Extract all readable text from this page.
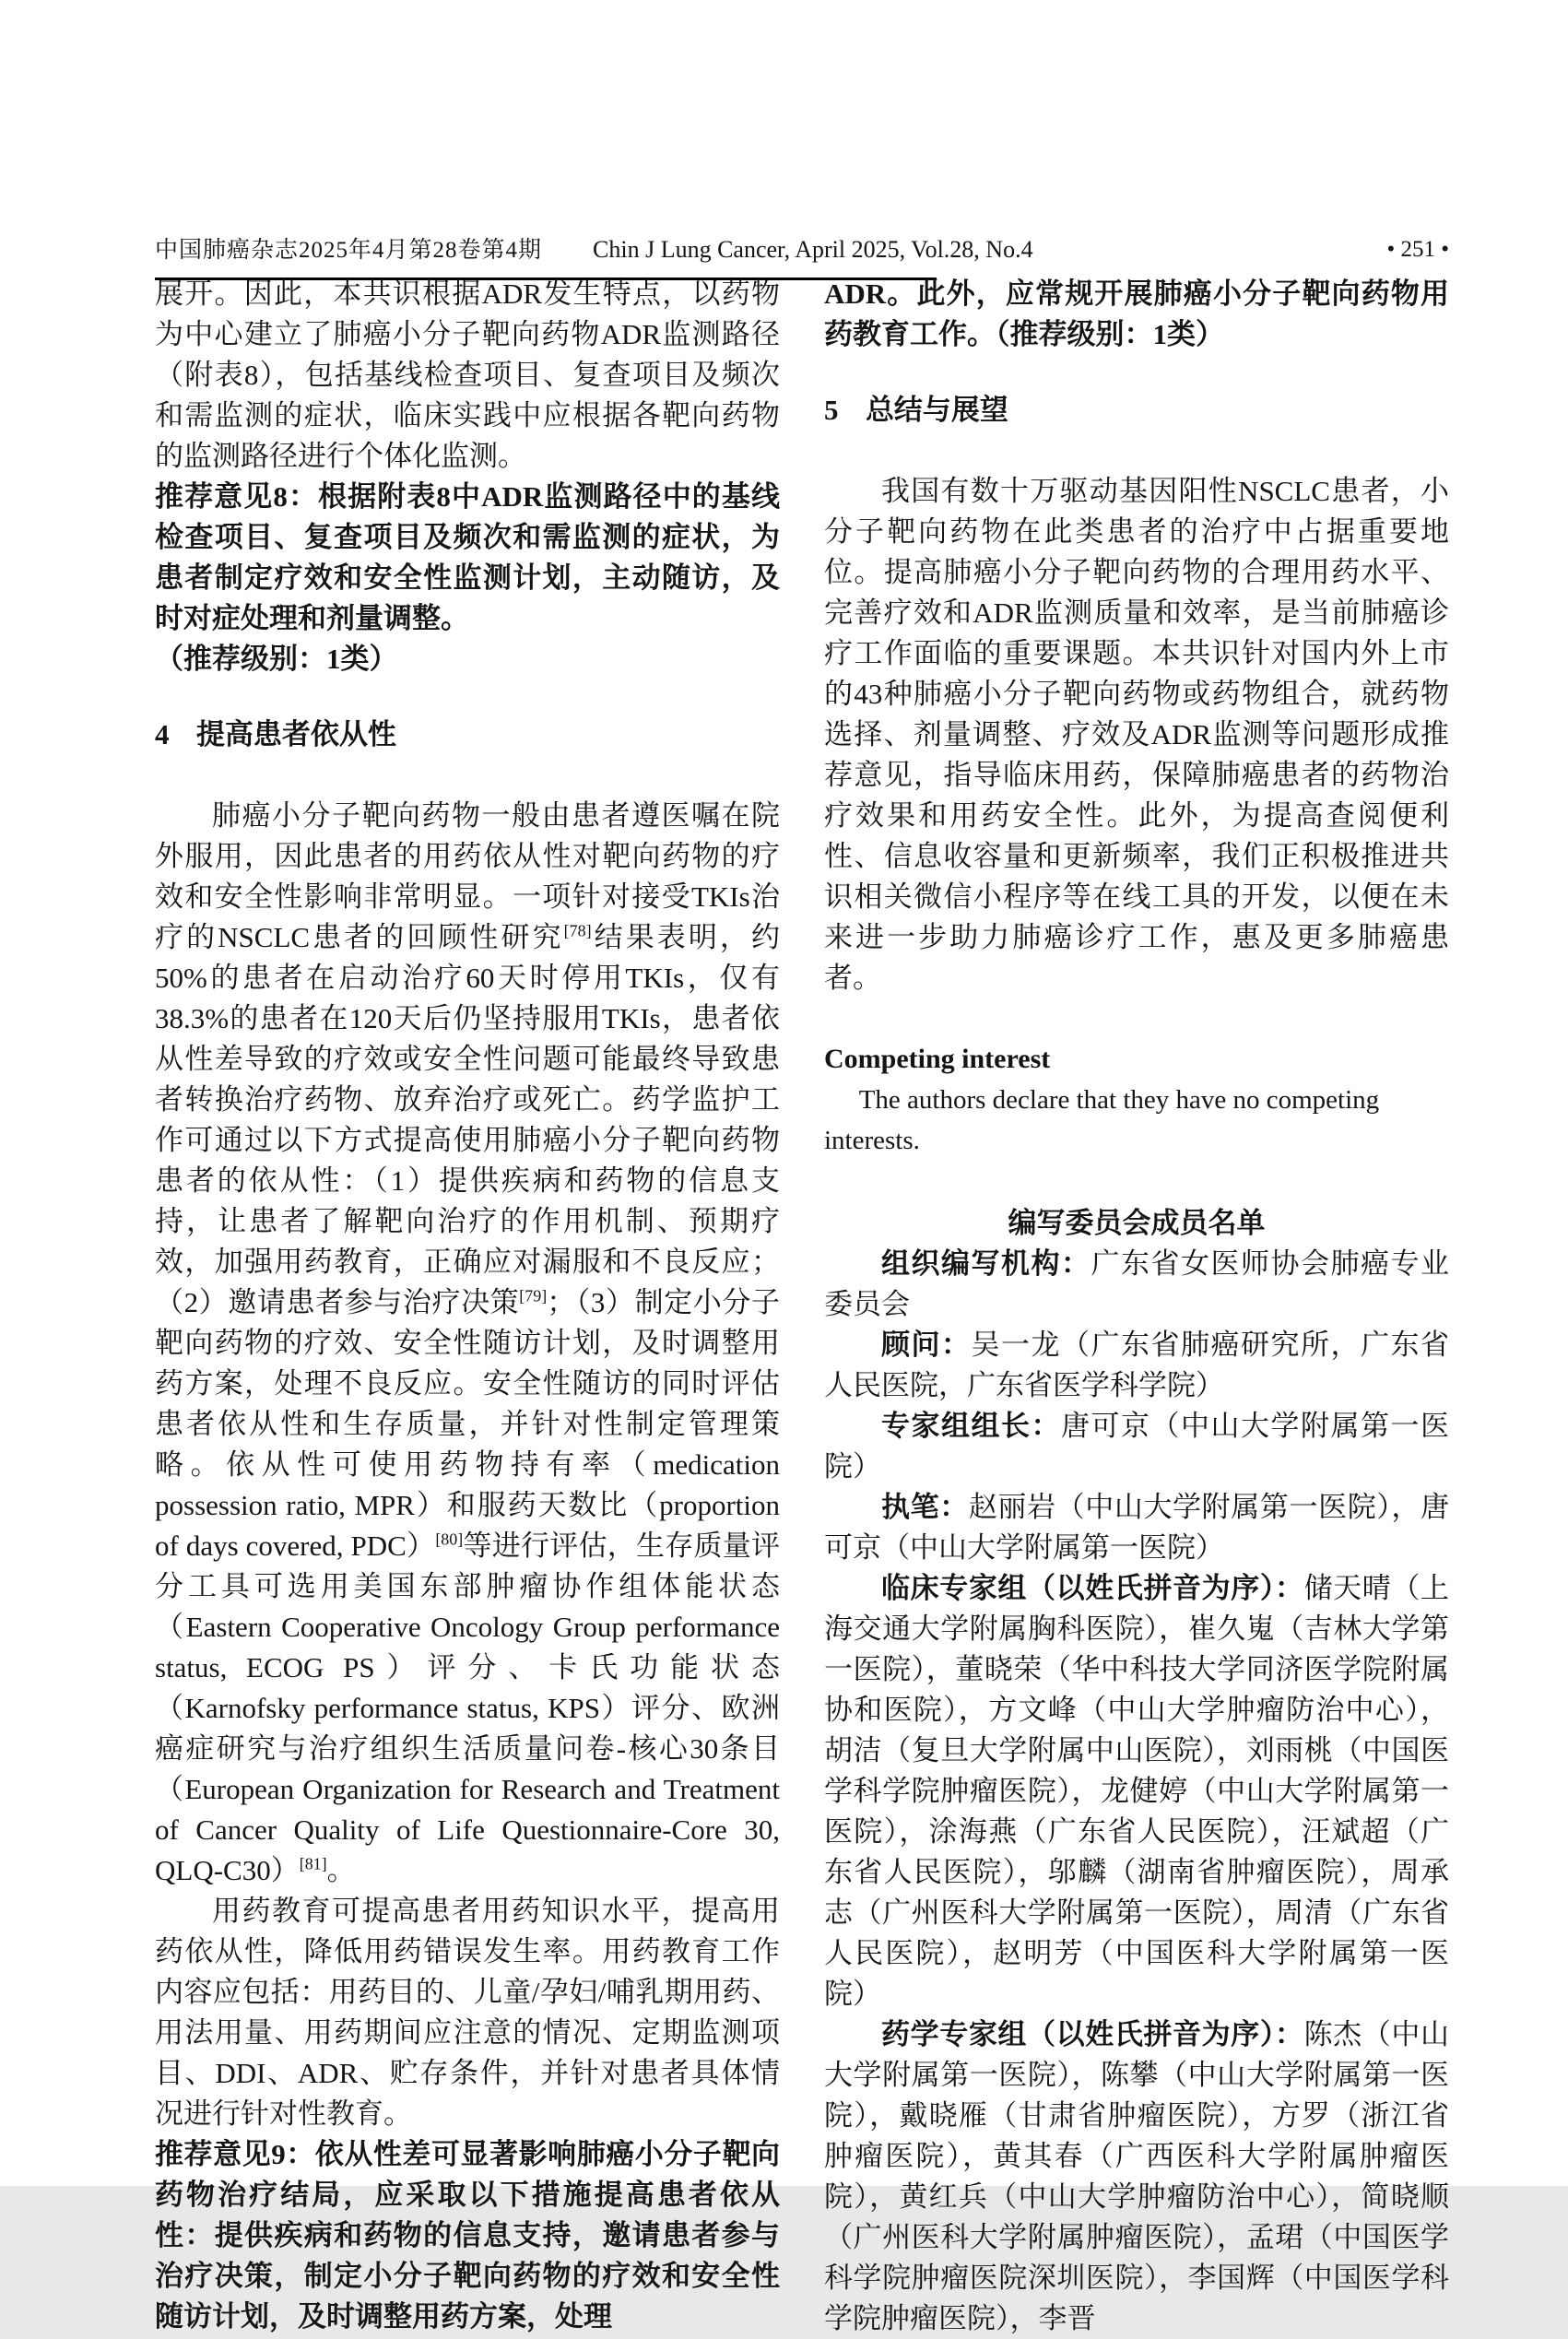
中国肺癌杂志2025年4月第28卷第4期 Chin J Lung Cancer, April 2025, Vol.28, No.4	• 251 •

展开。因此，本共识根据ADR发生特点，以药物为中心建立了肺癌小分子靶向药物ADR监测路径（附表8），包括基线检查项目、复查项目及频次和需监测的症状，临床实践中应根据各靶向药物的监测路径进行个体化监测。

推荐意见8：根据附表8中ADR监测路径中的基线检查项目、复查项目及频次和需监测的症状，为患者制定疗效和安全性监测计划，主动随访，及时对症处理和剂量调整。

（推荐级别：1类）

4 提高患者依从性

肺癌小分子靶向药物一般由患者遵医嘱在院外服用，因此患者的用药依从性对靶向药物的疗效和安全性影响非常明显。一项针对接受TKIs治疗的NSCLC患者的回顾性研究[78]结果表明，约50%的患者在启动治疗60天时停用TKIs，仅有38.3%的患者在120天后仍坚持服用TKIs，患者依从性差导致的疗效或安全性问题可能最终导致患者转换治疗药物、放弃治疗或死亡。药学监护工作可通过以下方式提高使用肺癌小分子靶向药物患者的依从性：（1）提供疾病和药物的信息支持，让患者了解靶向治疗的作用机制、预期疗效，加强用药教育，正确应对漏服和不良反应；（2）邀请患者参与治疗决策[79]；（3）制定小分子靶向药物的疗效、安全性随访计划，及时调整用药方案，处理不良反应。安全性随访的同时评估患者依从性和生存质量，并针对性制定管理策略。依从性可使用药物持有率（medication possession ratio, MPR）和服药天数比（proportion of days covered, PDC）[80]等进行评估，生存质量评分工具可选用美国东部肿瘤协作组体能状态（Eastern Cooperative Oncology Group performance status, ECOG PS）评分、卡氏功能状态（Karnofsky performance status, KPS）评分、欧洲癌症研究与治疗组织生活质量问卷-核心30条目（European Organization for Research and Treatment of Cancer Quality of Life Questionnaire-Core 30, QLQ-C30）[81]。

用药教育可提高患者用药知识水平，提高用药依从性，降低用药错误发生率。用药教育工作内容应包括：用药目的、儿童/孕妇/哺乳期用药、用法用量、用药期间应注意的情况、定期监测项目、DDI、ADR、贮存条件，并针对患者具体情况进行针对性教育。

推荐意见9：依从性差可显著影响肺癌小分子靶向药物治疗结局，应采取以下措施提高患者依从性：提供疾病和药物的信息支持，邀请患者参与治疗决策，制定小分子靶向药物的疗效和安全性随访计划，及时调整用药方案，处理

ADR。此外，应常规开展肺癌小分子靶向药物用药教育工作。（推荐级别：1类）

5 总结与展望

我国有数十万驱动基因阳性NSCLC患者，小分子靶向药物在此类患者的治疗中占据重要地位。提高肺癌小分子靶向药物的合理用药水平、完善疗效和ADR监测质量和效率，是当前肺癌诊疗工作面临的重要课题。本共识针对国内外上市的43种肺癌小分子靶向药物或药物组合，就药物选择、剂量调整、疗效及ADR监测等问题形成推荐意见，指导临床用药，保障肺癌患者的药物治疗效果和用药安全性。此外，为提高查阅便利性、信息收容量和更新频率，我们正积极推进共识相关微信小程序等在线工具的开发，以便在未来进一步助力肺癌诊疗工作，惠及更多肺癌患者。

Competing interest

The authors declare that they have no competing interests.

编写委员会成员名单

组织编写机构：广东省女医师协会肺癌专业委员会

顾问：吴一龙（广东省肺癌研究所，广东省人民医院，广东省医学科学院）

专家组组长：唐可京（中山大学附属第一医院）

执笔：赵丽岩（中山大学附属第一医院），唐可京（中山大学附属第一医院）

临床专家组（以姓氏拼音为序）：储天晴（上海交通大学附属胸科医院），崔久嵬（吉林大学第一医院），董晓荣（华中科技大学同济医学院附属协和医院），方文峰（中山大学肿瘤防治中心），胡洁（复旦大学附属中山医院），刘雨桃（中国医学科学院肿瘤医院），龙健婷（中山大学附属第一医院），涂海燕（广东省人民医院），汪斌超（广东省人民医院），邬麟（湖南省肿瘤医院），周承志（广州医科大学附属第一医院），周清（广东省人民医院），赵明芳（中国医科大学附属第一医院）

药学专家组（以姓氏拼音为序）：陈杰（中山大学附属第一医院），陈攀（中山大学附属第一医院），戴晓雁（甘肃省肿瘤医院），方罗（浙江省肿瘤医院），黄其春（广西医科大学附属肿瘤医院），黄红兵（中山大学肿瘤防治中心），简晓顺（广州医科大学附属肿瘤医院），孟珺（中国医学科学院肿瘤医院深圳医院），李国辉（中国医学科学院肿瘤医院），李晋
